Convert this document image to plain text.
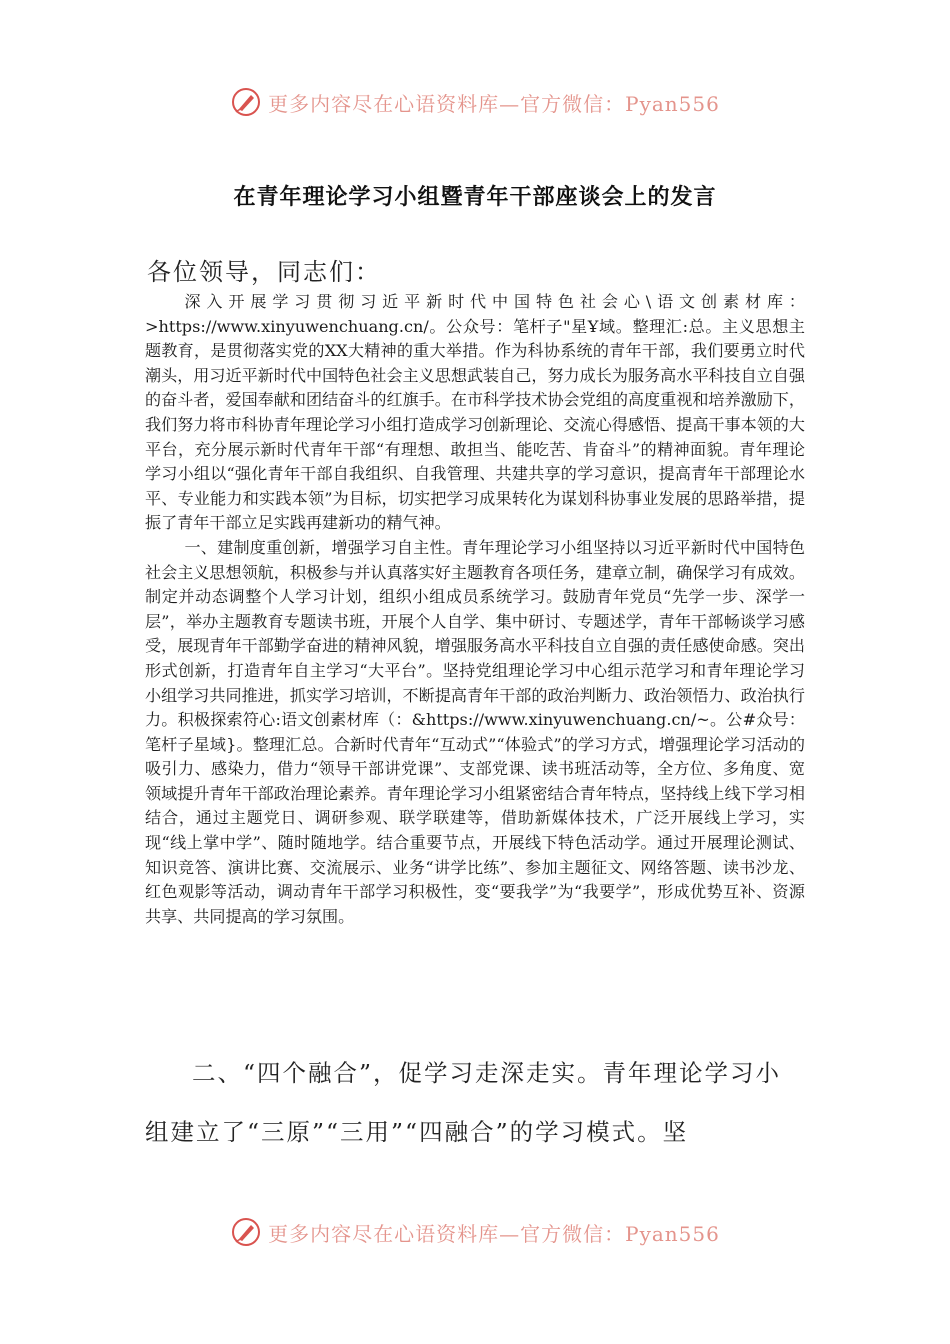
更多内容尽在心语资料库—官方微信：Pyan556
在青年理论学习小组暨青年干部座谈会上的发言
各位领导，同志们：

深入开展学习贯彻习近平新时代中国特色社会心\语文创素材库：>https://www.xinyuwenchuang.cn/。公众号：笔杆子"星Ұ域。整理汇:总。主义思想主题教育，是贯彻落实党的XX大精神的重大举措。作为科协系统的青年干部，我们要勇立时代潮头，用习近平新时代中国特色社会主义思想武装自己，努力成长为服务高水平科技自立自强的奋斗者，爱国奉献和团结奋斗的红旗手。在市科学技术协会党组的高度重视和培养激励下，我们努力将市科协青年理论学习小组打造成学习创新理论、交流心得感悟、提高干事本领的大平台，充分展示新时代青年干部“有理想、敢担当、能吃苦、肯奋斗”的精神面貌。青年理论学习小组以“强化青年干部自我组织、自我管理、共建共享的学习意识，提高青年干部理论水平、专业能力和实践本领”为目标，切实把学习成果转化为谋划科协事业发展的思路举措，提振了青年干部立足实践再建新功的精气神。

一、建制度重创新，增强学习自主性。青年理论学习小组坚持以习近平新时代中国特色社会主义思想领航，积极参与并认真落实好主题教育各项任务，建章立制，确保学习有成效。制定并动态调整个人学习计划，组织小组成员系统学习。鼓励青年党员“先学一步、深学一层”，举办主题教育专题读书班，开展个人自学、集中研讨、专题述学，青年干部畅谈学习感受，展现青年干部勤学奋进的精神风貌，增强服务高水平科技自立自强的责任感使命感。突出形式创新，打造青年自主学习“大平台”。坚持党组理论学习中心组示范学习和青年理论学习小组学习共同推进，抓实学习培训，不断提高青年干部的政治判断力、政治领悟力、政治执行力。积极探索符心:语文创素材库（：&https://www.xinyuwenchuang.cn/~。公#众号：笔杆子星域}。整理汇总。合新时代青年“互动式”“体验式”的学习方式，增强理论学习活动的吸引力、感染力，借力“领导干部讲党课”、支部党课、读书班活动等，全方位、多角度、宽领域提升青年干部政治理论素养。青年理论学习小组紧密结合青年特点，坚持线上线下学习相结合，通过主题党日、调研参观、联学联建等，借助新媒体技术，广泛开展线上学习，实现“线上掌中学”、随时随地学。结合重要节点，开展线下特色活动学。通过开展理论测试、知识竞答、演讲比赛、交流展示、业务“讲学比练”、参加主题征文、网络答题、读书沙龙、红色观影等活动，调动青年干部学习积极性，变“要我学”为“我要学”，形成优势互补、资源共享、共同提高的学习氛围。

二、“四个融合”，促学习走深走实。青年理论学习小组建立了“三原”“三用”“四融合”的学习模式。坚

更多内容尽在心语资料库—官方微信：Pyan556
